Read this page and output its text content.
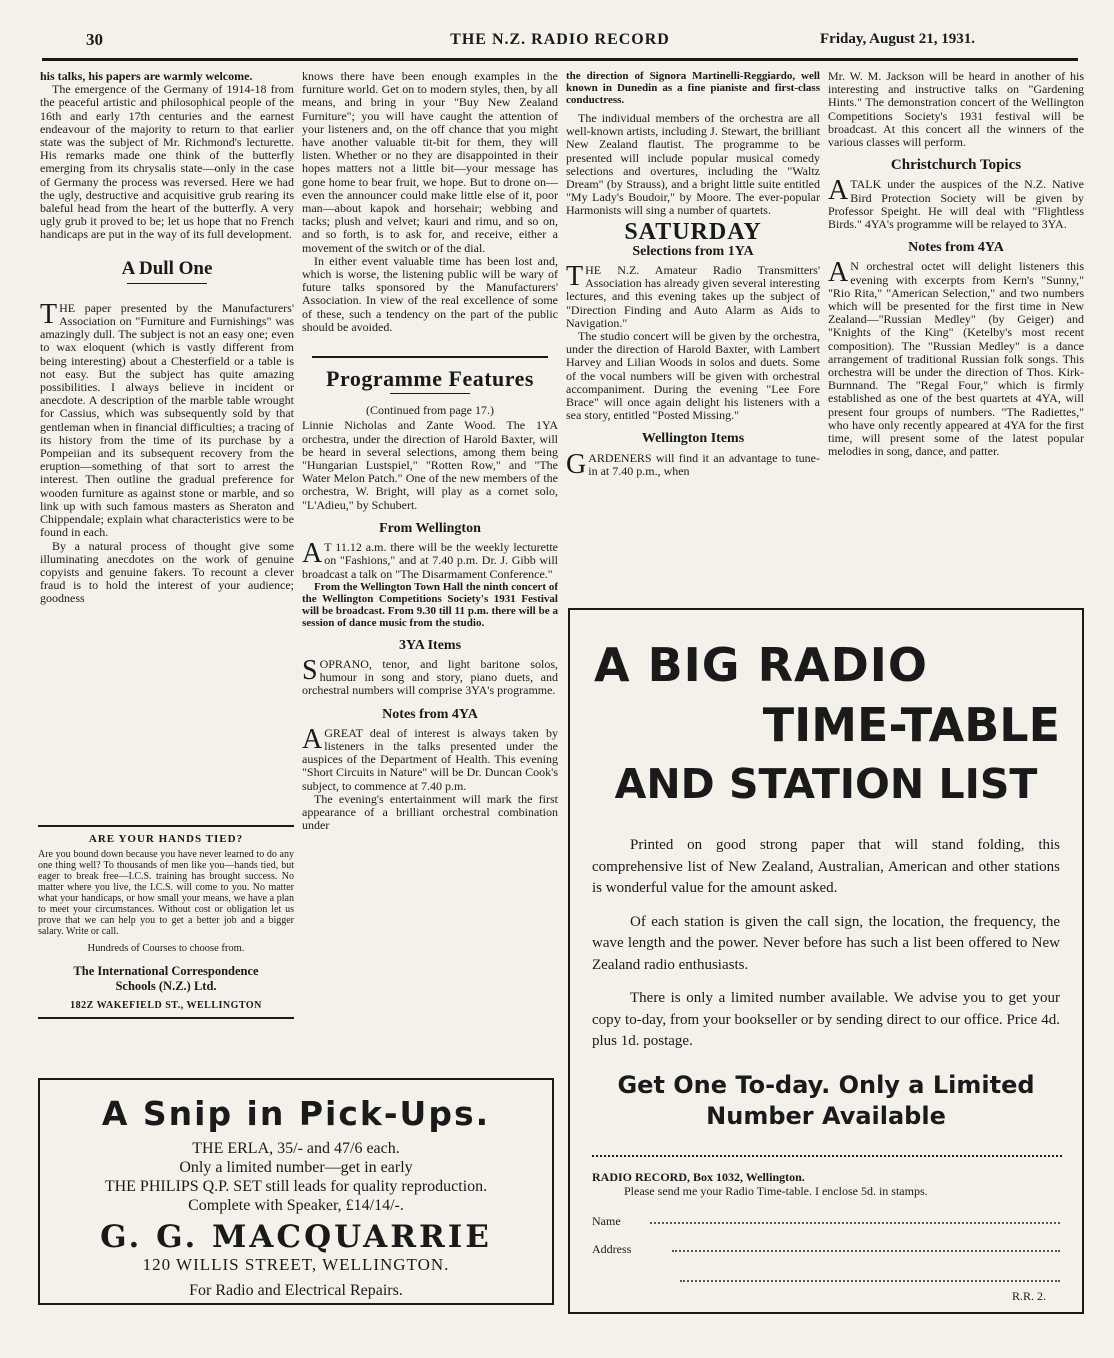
30	THE N.Z. RADIO RECORD	Friday, August 21, 1931.

his talks, his papers are warmly welcome.

The emergence of the Germany of 1914-18 from the peaceful artistic and philosophical people of the 16th and early 17th centuries and the earnest endeavour of the majority to return to that earlier state was the subject of Mr. Richmond's lecturette. His remarks made one think of the butterfly emerging from its chrysalis state—only in the case of Germany the process was reversed. Here we had the ugly, destructive and acquisitive grub rearing its baleful head from the heart of the butterfly. A very ugly grub it proved to be; let us hope that no French handicaps are put in the way of its full development.

A Dull One

THE paper presented by the Manufacturers' Association on "Furniture and Furnishings" was amazingly dull. The subject is not an easy one; even to wax eloquent (which is vastly different from being interesting) about a Chesterfield or a table is not easy. But the subject has quite amazing possibilities. I always believe in incident or anecdote. A description of the marble table wrought for Cassius, which was subsequently sold by that gentleman when in financial difficulties; a tracing of its history from the time of its purchase by a Pompeiian and its subsequent recovery from the eruption—something of that sort to arrest the interest. Then outline the gradual preference for wooden furniture as against stone or marble, and so link up with such famous masters as Sheraton and Chippendale; explain what characteristics were to be found in each.

By a natural process of thought give some illuminating anecdotes on the work of genuine copyists and genuine fakers. To recount a clever fraud is to hold the interest of your audience; goodness

ARE YOUR HANDS TIED?
Are you bound down because you have never learned to do any one thing well? To thousands of men like you—hands tied, but eager to break free—I.C.S. training has brought success. No matter where you live, the I.C.S. will come to you. No matter what your handicaps, or how small your means, we have a plan to meet your circumstances. Without cost or obligation let us prove that we can help you to get a better job and a bigger salary. Write or call.
Hundreds of Courses to choose from.
The International Correspondence
Schools (N.Z.) Ltd.
182Z WAKEFIELD ST., WELLINGTON

knows there have been enough examples in the furniture world. Get on to modern styles, then, by all means, and bring in your "Buy New Zealand Furniture"; you will have caught the attention of your listeners and, on the off chance that you might have another valuable tit-bit for them, they will listen. Whether or no they are disappointed in their hopes matters not a little bit—your message has gone home to bear fruit, we hope. But to drone on—even the announcer could make little else of it, poor man—about kapok and horsehair; webbing and tacks; plush and velvet; kauri and rimu, and so on, and so forth, is to ask for, and receive, either a movement of the switch or of the dial.

In either event valuable time has been lost and, which is worse, the listening public will be wary of future talks sponsored by the Manufacturers' Association. In view of the real excellence of some of these, such a tendency on the part of the public should be avoided.

Programme Features

(Continued from page 17.)

Linnie Nicholas and Zante Wood. The 1YA orchestra, under the direction of Harold Baxter, will be heard in several selections, among them being "Hungarian Lustspiel," "Rotten Row," and "The Water Melon Patch." One of the new members of the orchestra, W. Bright, will play as a cornet solo, "L'Adieu," by Schubert.

From Wellington

AT 11.12 a.m. there will be the weekly lecturette on "Fashions," and at 7.40 p.m. Dr. J. Gibb will broadcast a talk on "The Disarmament Conference."

From the Wellington Town Hall the ninth concert of the Wellington Competitions Society's 1931 Festival will be broadcast. From 9.30 till 11 p.m. there will be a session of dance music from the studio.

3YA Items

SOPRANO, tenor, and light baritone solos, humour in song and story, piano duets, and orchestral numbers will comprise 3YA's programme.

Notes from 4YA

AGREAT deal of interest is always taken by listeners in the talks presented under the auspices of the Department of Health. This evening "Short Circuits in Nature" will be Dr. Duncan Cook's subject, to commence at 7.40 p.m.

The evening's entertainment will mark the first appearance of a brilliant orchestral combination under

the direction of Signora Martinelli-Reggiardo, well known in Dunedin as a fine pianiste and first-class conductress.

The individual members of the orchestra are all well-known artists, including J. Stewart, the brilliant New Zealand flautist. The programme to be presented will include popular musical comedy selections and overtures, including the "Waltz Dream" (by Strauss), and a bright little suite entitled "My Lady's Boudoir," by Moore. The ever-popular Harmonists will sing a number of quartets.

SATURDAY
Selections from 1YA

THE N.Z. Amateur Radio Transmitters' Association has already given several interesting lectures, and this evening takes up the subject of "Direction Finding and Auto Alarm as Aids to Navigation."

The studio concert will be given by the orchestra, under the direction of Harold Baxter, with Lambert Harvey and Lilian Woods in solos and duets. Some of the vocal numbers will be given with orchestral accompaniment. During the evening "Lee Fore Brace" will once again delight his listeners with a sea story, entitled "Posted Missing."

Wellington Items

GARDENERS will find it an advantage to tune-in at 7.40 p.m., when

Mr. W. M. Jackson will be heard in another of his interesting and instructive talks on "Gardening Hints." The demonstration concert of the Wellington Competitions Society's 1931 festival will be broadcast. At this concert all the winners of the various classes will perform.

Christchurch Topics

ATALK under the auspices of the N.Z. Native Bird Protection Society will be given by Professor Speight. He will deal with "Flightless Birds." 4YA's programme will be relayed to 3YA.

Notes from 4YA

AN orchestral octet will delight listeners this evening with excerpts from Kern's "Sunny," "Rio Rita," "American Selection," and two numbers which will be presented for the first time in New Zealand—"Russian Medley" (by Geiger) and "Knights of the King" (Ketelby's most recent composition). The "Russian Medley" is a dance arrangement of traditional Russian folk songs. This orchestra will be under the direction of Thos. Kirk-Burnnand. The "Regal Four," which is firmly established as one of the best quartets at 4YA, will present four groups of numbers. "The Radiettes," who have only recently appeared at 4YA for the first time, will present some of the latest popular melodies in song, dance, and patter.

A Snip in Pick-Ups.
THE ERLA, 35/- and 47/6 each.
Only a limited number—get in early
THE PHILIPS Q.P. SET still leads for quality reproduction.
Complete with Speaker, £14/14/-.
G. G. MACQUARRIE
120 WILLIS STREET, WELLINGTON.
For Radio and Electrical Repairs.
A BIG RADIO
TIME-TABLE
AND STATION LIST

Printed on good strong paper that will stand folding, this comprehensive list of New Zealand, Australian, American and other stations is wonderful value for the amount asked.

Of each station is given the call sign, the location, the frequency, the wave length and the power. Never before has such a list been offered to New Zealand radio enthusiasts.

There is only a limited number available. We advise you to get your copy to-day, from your bookseller or by sending direct to our office. Price 4d. plus 1d. postage.

Get One To-day. Only a Limited
Number Available
RADIO RECORD, Box 1032, Wellington.
Please send me your Radio Time-table. I enclose 5d. in stamps.
Name
Address
R.R. 2.
